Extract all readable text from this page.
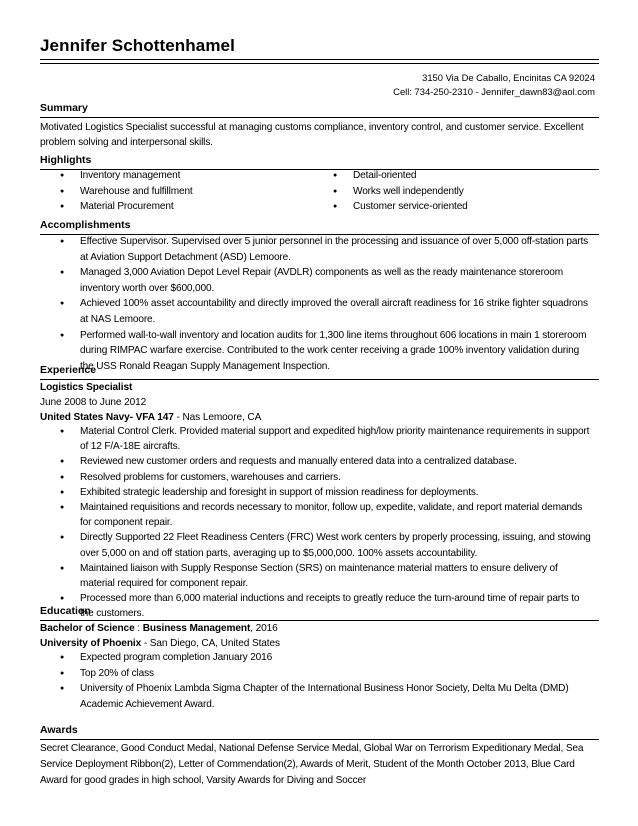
Jennifer Schottenhamel
3150 Via De Caballo, Encinitas CA 92024
Cell: 734-250-2310 - Jennifer_dawn83@aol.com
Summary
Motivated Logistics Specialist successful at managing customs compliance, inventory control, and customer service. Excellent problem solving and interpersonal skills.
Highlights
● Inventory management
● Warehouse and fulfillment
● Material Procurement
● Detail-oriented
● Works well independently
● Customer service-oriented
Accomplishments
● Effective Supervisor. Supervised over 5 junior personnel in the processing and issuance of over 5,000 off-station parts at Aviation Support Detachment (ASD) Lemoore.
● Managed 3,000 Aviation Depot Level Repair (AVDLR) components as well as the ready maintenance storeroom inventory worth over $600,000.
● Achieved 100% asset accountability and directly improved the overall aircraft readiness for 16 strike fighter squadrons at NAS Lemoore.
● Performed wall-to-wall inventory and location audits for 1,300 line items throughout 606 locations in main 1 storeroom during RIMPAC warfare exercise. Contributed to the work center receiving a grade 100% inventory validation during the USS Ronald Reagan Supply Management Inspection.
Experience
Logistics Specialist
June 2008 to June 2012
United States Navy- VFA 147 - Nas Lemoore, CA
● Material Control Clerk. Provided material support and expedited high/low priority maintenance requirements in support of 12 F/A-18E aircrafts.
● Reviewed new customer orders and requests and manually entered data into a centralized database.
● Resolved problems for customers, warehouses and carriers.
● Exhibited strategic leadership and foresight in support of mission readiness for deployments.
● Maintained requisitions and records necessary to monitor, follow up, expedite, validate, and report material demands for component repair.
● Directly Supported 22 Fleet Readiness Centers (FRC) West work centers by properly processing, issuing, and stowing over 5,000 on and off station parts, averaging up to $5,000,000. 100% assets accountability.
● Maintained liaison with Supply Response Section (SRS) on maintenance material matters to ensure delivery of material required for component repair.
● Processed more than 6,000 material inductions and receipts to greatly reduce the turn-around time of repair parts to the customers.
Education
Bachelor of Science : Business Management, 2016
University of Phoenix - San Diego, CA, United States
● Expected program completion January 2016
● Top 20% of class
● University of Phoenix Lambda Sigma Chapter of the International Business Honor Society, Delta Mu Delta (DMD) Academic Achievement Award.
Awards
Secret Clearance, Good Conduct Medal, National Defense Service Medal, Global War on Terrorism Expeditionary Medal, Sea Service Deployment Ribbon(2), Letter of Commendation(2), Awards of Merit, Student of the Month October 2013, Blue Card Award for good grades in high school, Varsity Awards for Diving and Soccer
